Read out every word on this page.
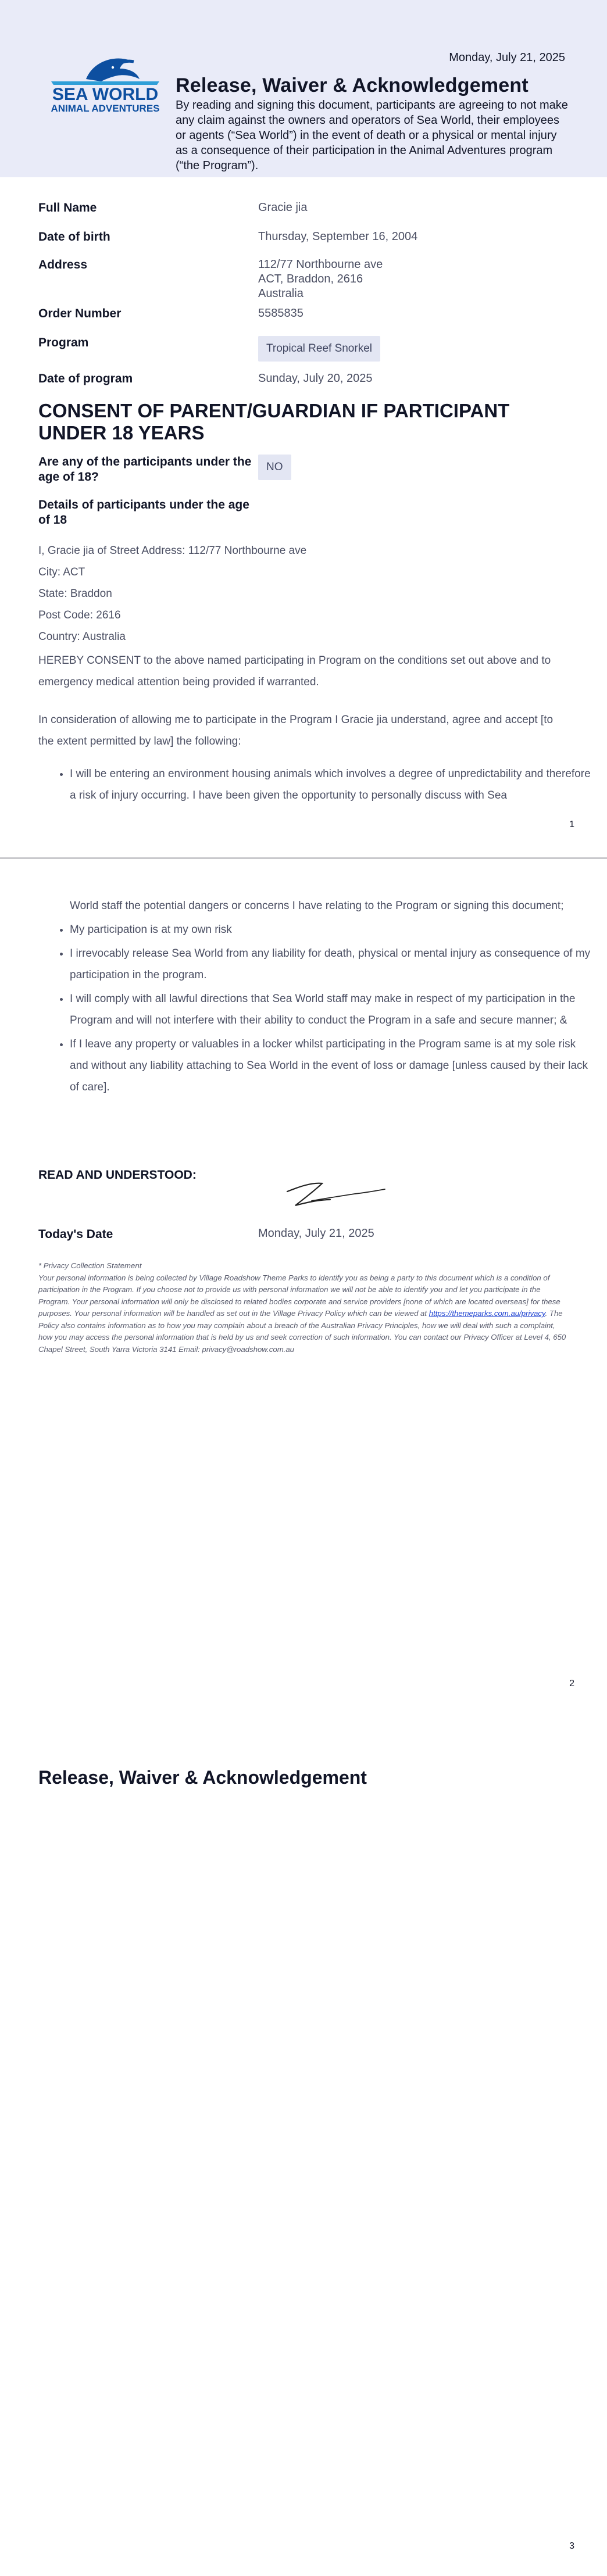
Monday, July 21, 2025
SEA WORLD
ANIMAL ADVENTURES
Release, Waiver & Acknowledgement

By reading and signing this document, participants are agreeing to not make any claim against the owners and operators of Sea World, their employees or agents (“Sea World”) in the event of death or a physical or mental injury as a consequence of their participation in the Animal Adventures program (“the Program”).

Full Name	Gracie jia
Date of birth	Thursday, September 16, 2004
Address	112/77 Northbourne ave
ACT, Braddon, 2616
Australia
Order Number	5585835
Program	Tropical Reef Snorkel
Date of program	Sunday, July 20, 2025
CONSENT OF PARENT/GUARDIAN IF PARTICIPANT UNDER 18 YEARS
Are any of the participants under the age of 18?
NO
Details of participants under the age of 18
I, Gracie jia of Street Address: 112/77 Northbourne ave
City: ACT
State: Braddon
Post Code: 2616
Country: Australia

HEREBY CONSENT to the above named participating in Program on the conditions set out above and to emergency medical attention being provided if warranted.

In consideration of allowing me to participate in the Program I Gracie jia understand, agree and accept [to the extent permitted by law] the following:

• I will be entering an environment housing animals which involves a degree of unpredictability and therefore a risk of injury occurring. I have been given the opportunity to personally discuss with Sea
1
World staff the potential dangers or concerns I have relating to the Program or signing this document;
• My participation is at my own risk
• I irrevocably release Sea World from any liability for death, physical or mental injury as consequence of my participation in the program.
• I will comply with all lawful directions that Sea World staff may make in respect of my participation in the Program and will not interfere with their ability to conduct the Program in a safe and secure manner; &
• If I leave any property or valuables in a locker whilst participating in the Program same is at my sole risk and without any liability attaching to Sea World in the event of loss or damage [unless caused by their lack of care].
READ AND UNDERSTOOD:
Today's Date	Monday, July 21, 2025

* Privacy Collection Statement
Your personal information is being collected by Village Roadshow Theme Parks to identify you as being a party to this document which is a condition of participation in the Program. If you choose not to provide us with personal information we will not be able to identify you and let you participate in the Program. Your personal information will only be disclosed to related bodies corporate and service providers [none of which are located overseas] for these purposes. Your personal information will be handled as set out in the Village Privacy Policy which can be viewed at https://themeparks.com.au/privacy. The Policy also contains information as to how you may complain about a breach of the Australian Privacy Principles, how we will deal with such a complaint, how you may access the personal information that is held by us and seek correction of such information. You can contact our Privacy Officer at Level 4, 650 Chapel Street, South Yarra Victoria 3141 Email: privacy@roadshow.com.au

2
Release, Waiver & Acknowledgement
3
